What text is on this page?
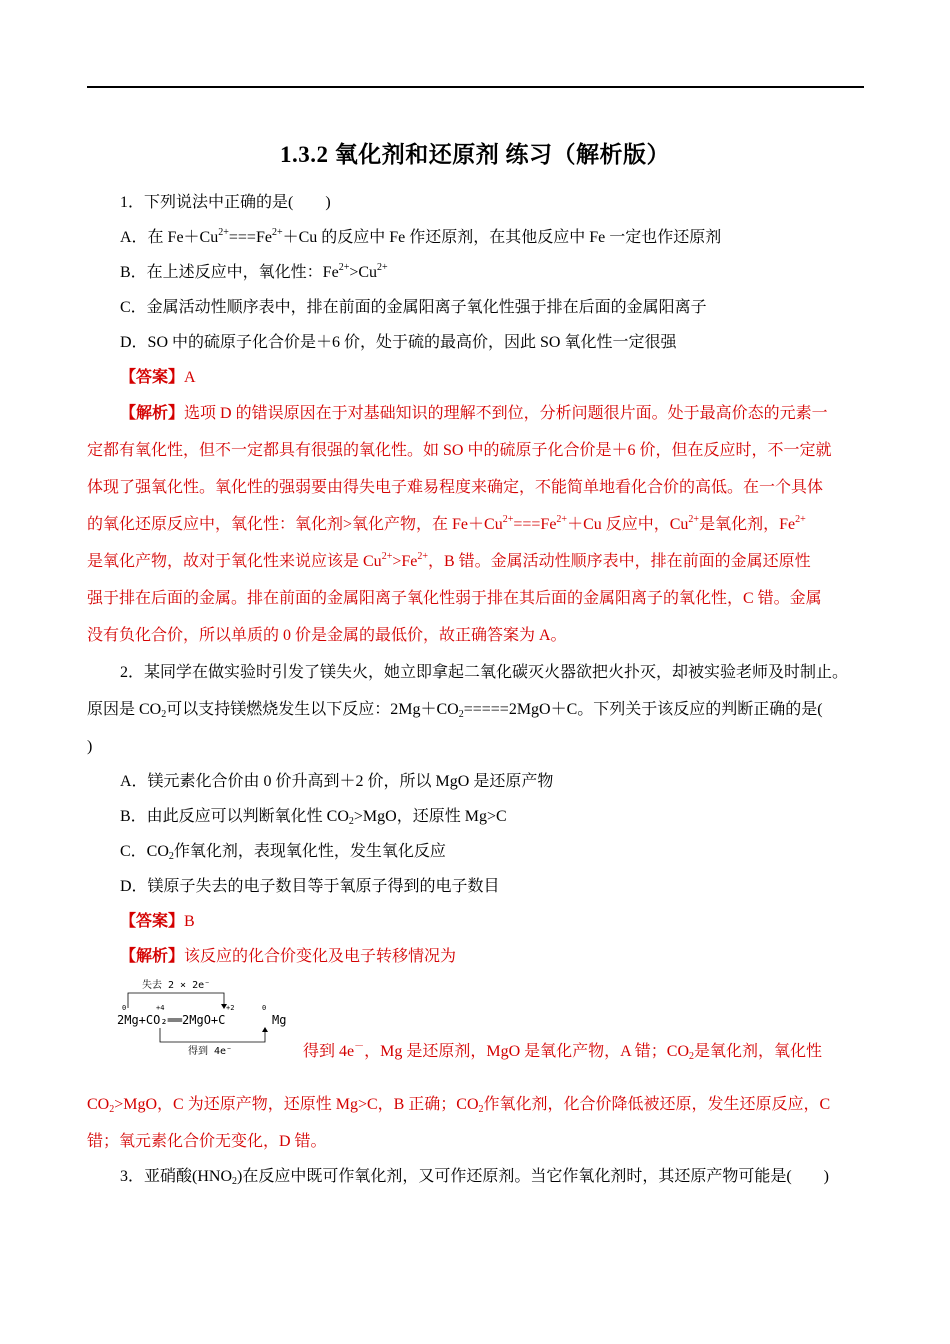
1.3.2 氧化剂和还原剂 练习（解析版）
1．下列说法中正确的是(　　)
A．在 $Fe+Cu^{2+}===Fe^{2+}+Cu$ 的反应中 Fe 作还原剂，在其他反应中 Fe 一定也作还原剂
B．在上述反应中，氧化性：$Fe^{2+}>Cu^{2+}$
C．金属活动性顺序表中，排在前面的金属阳离子氧化性强于排在后面的金属阳离子
D．SO 中的硫原子化合价是＋6 价，处于硫的最高价，因此 SO 氧化性一定很强
【答案】A
【解析】选项 D 的错误原因在于对基础知识的理解不到位，分析问题很片面。处于最高价态的元素一
定都有氧化性，但不一定都具有很强的氧化性。如 SO 中的硫原子化合价是＋6 价，但在反应时，不一定就
体现了强氧化性。氧化性的强弱要由得失电子难易程度来确定，不能简单地看化合价的高低。在一个具体
的氧化还原反应中，氧化性：氧化剂>氧化产物，在 $Fe+Cu^{2+}===Fe^{2+}+Cu$ 反应中，$Cu^{2+}$是氧化剂，$Fe^{2+}$
是氧化产物，故对于氧化性来说应该是 $Cu^{2+}>Fe^{2+}$，B 错。金属活动性顺序表中，排在前面的金属还原性
强于排在后面的金属。排在前面的金属阳离子氧化性弱于排在其后面的金属阳离子的氧化性，C 错。金属
没有负化合价，所以单质的 0 价是金属的最低价，故正确答案为 A。
2．某同学在做实验时引发了镁失火，她立即拿起二氧化碳灭火器欲把火扑灭，却被实验老师及时制止。
原因是 $CO_2$可以支持镁燃烧发生以下反应：$2Mg+CO_2=====2MgO+C$。下列关于该反应的判断正确的是(
)
A．镁元素化合价由 0 价升高到＋2 价，所以 MgO 是还原产物
B．由此反应可以判断氧化性 $CO_2>MgO$，还原性 Mg>C
C．$CO_2$作氧化剂，表现氧化性，发生氧化反应
D．镁原子失去的电子数目等于氧原子得到的电子数目
【答案】B
【解析】该反应的化合价变化及电子转移情况为
失去 2 × 2e⁻
0	+4	+2	0
2Mg+CO₂══2MgO+C	Mg
得到 4e⁻	得到 4e－，Mg 是还原剂，MgO 是氧化产物，A 错；$CO_2$是氧化剂，氧化性
$CO_2>MgO$，C 为还原产物，还原性 Mg>C，B 正确；$CO_2$作氧化剂，化合价降低被还原，发生还原反应，C
错；氧元素化合价无变化，D 错。
3．亚硝酸$(HNO_2)$在反应中既可作氧化剂，又可作还原剂。当它作氧化剂时，其还原产物可能是(　　)
